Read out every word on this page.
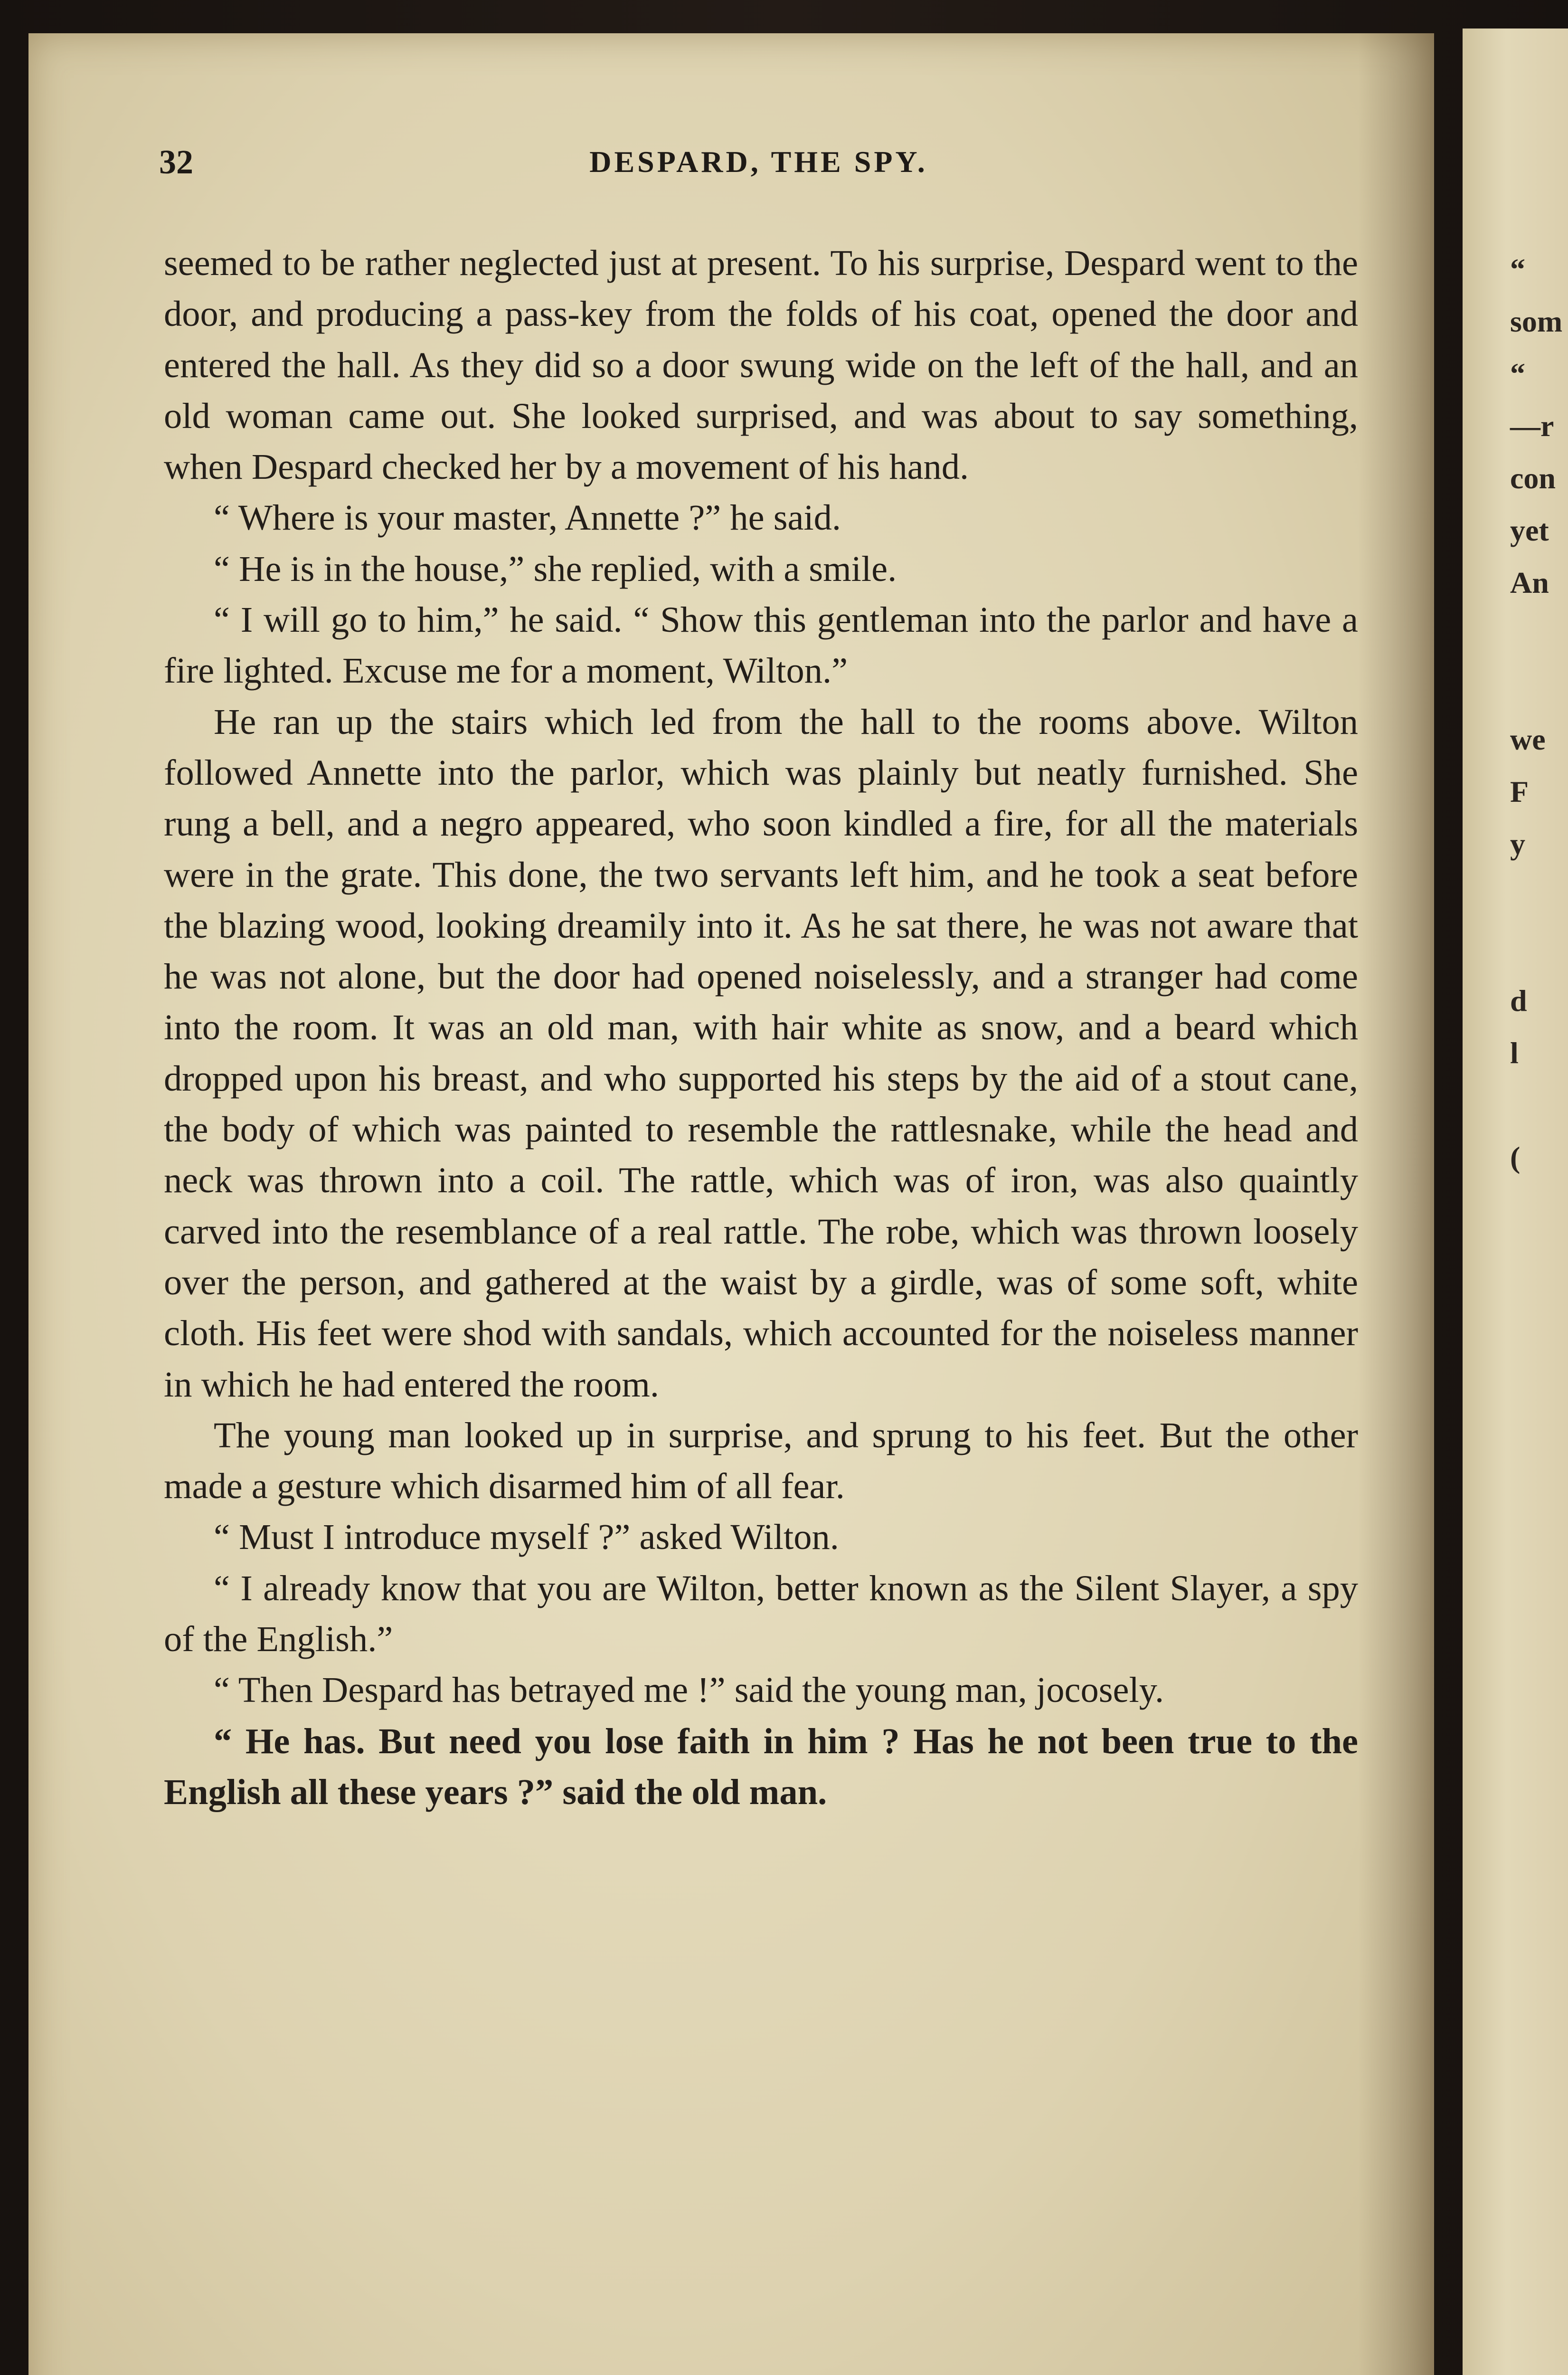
“
som
“
—r
con
yet
An
we
F
y
d
l
(
32	DESPARD, THE SPY.

seemed to be rather neglected just at present. To his surprise, Despard went to the door, and producing a pass-key from the folds of his coat, opened the door and entered the hall. As they did so a door swung wide on the left of the hall, and an old woman came out. She looked surprised, and was about to say something, when Despard checked her by a movement of his hand.

“ Where is your master, Annette ?” he said.

“ He is in the house,” she replied, with a smile.

“ I will go to him,” he said. “ Show this gentleman into the parlor and have a fire lighted. Excuse me for a moment, Wilton.”

He ran up the stairs which led from the hall to the rooms above. Wilton followed Annette into the parlor, which was plainly but neatly furnished. She rung a bell, and a negro appeared, who soon kindled a fire, for all the materials were in the grate. This done, the two servants left him, and he took a seat before the blazing wood, looking dreamily into it. As he sat there, he was not aware that he was not alone, but the door had opened noiselessly, and a stranger had come into the room. It was an old man, with hair white as snow, and a beard which dropped upon his breast, and who supported his steps by the aid of a stout cane, the body of which was painted to resemble the rattlesnake, while the head and neck was thrown into a coil. The rattle, which was of iron, was also quaintly carved into the resemblance of a real rattle. The robe, which was thrown loosely over the person, and gathered at the waist by a girdle, was of some soft, white cloth. His feet were shod with sandals, which accounted for the noiseless manner in which he had entered the room.

The young man looked up in surprise, and sprung to his feet. But the other made a gesture which disarmed him of all fear.

“ Must I introduce myself ?” asked Wilton.

“ I already know that you are Wilton, better known as the Silent Slayer, a spy of the English.”

“ Then Despard has betrayed me !” said the young man, jocosely.

“ He has. But need you lose faith in him ? Has he not been true to the English all these years ?” said the old man.
